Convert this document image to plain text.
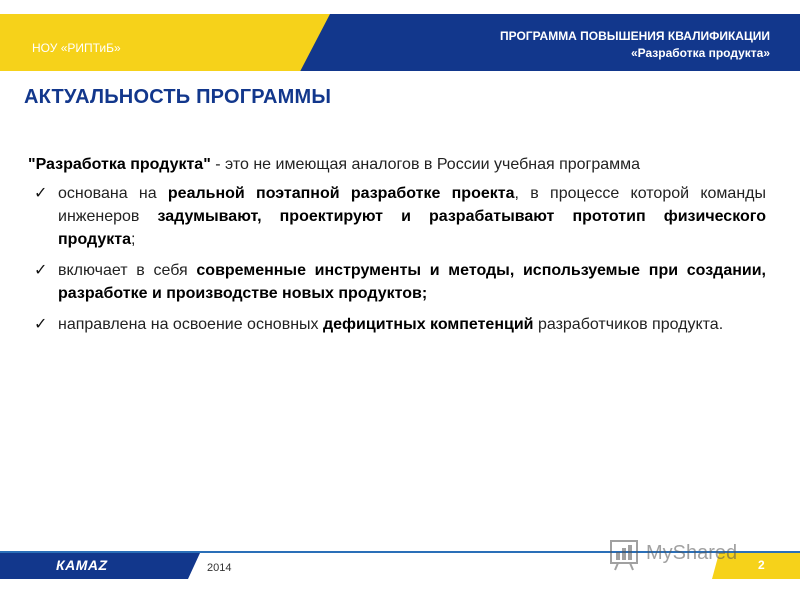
НОУ «РИПТиБ»
ПРОГРАММА ПОВЫШЕНИЯ КВАЛИФИКАЦИИ
«Разработка продукта»
АКТУАЛЬНОСТЬ ПРОГРАММЫ

"Разработка продукта" - это не имеющая аналогов в России учебная программа

✓ основана на реальной поэтапной разработке проекта, в процессе которой команды инженеров задумывают, проектируют и разрабатывают прототип физического продукта;
✓ включает в себя современные инструменты и методы, используемые при создании, разработке и производстве новых продуктов;
✓ направлена на освоение основных дефицитных компетенций разработчиков продукта.
КАМАZ	2014	2
MyShared
